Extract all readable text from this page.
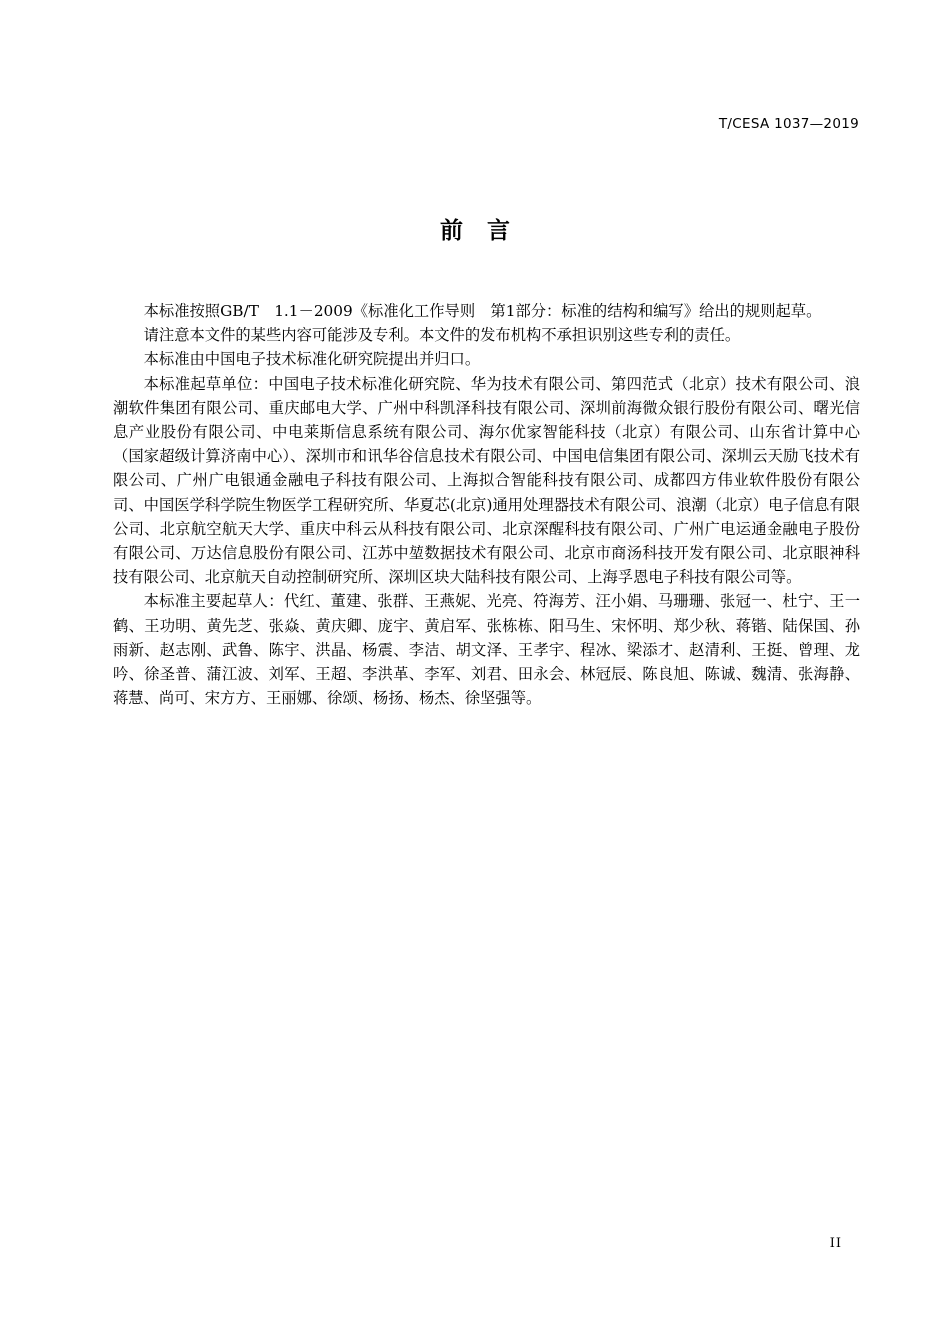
T/CESA 1037—2019
前言

本标准按照GB/T　1.1－2009《标准化工作导则　第1部分：标准的结构和编写》给出的规则起草。

请注意本文件的某些内容可能涉及专利。本文件的发布机构不承担识别这些专利的责任。

本标准由中国电子技术标准化研究院提出并归口。

本标准起草单位：中国电子技术标准化研究院、华为技术有限公司、第四范式（北京）技术有限公司、浪潮软件集团有限公司、重庆邮电大学、广州中科凯泽科技有限公司、深圳前海微众银行股份有限公司、曙光信息产业股份有限公司、中电莱斯信息系统有限公司、海尔优家智能科技（北京）有限公司、山东省计算中心（国家超级计算济南中心）、深圳市和讯华谷信息技术有限公司、中国电信集团有限公司、深圳云天励飞技术有限公司、广州广电银通金融电子科技有限公司、上海拟合智能科技有限公司、成都四方伟业软件股份有限公司、中国医学科学院生物医学工程研究所、华夏芯(北京)通用处理器技术有限公司、浪潮（北京）电子信息有限公司、北京航空航天大学、重庆中科云从科技有限公司、北京深醒科技有限公司、广州广电运通金融电子股份有限公司、万达信息股份有限公司、江苏中堃数据技术有限公司、北京市商汤科技开发有限公司、北京眼神科技有限公司、北京航天自动控制研究所、深圳区块大陆科技有限公司、上海孚恩电子科技有限公司等。

本标准主要起草人：代红、董建、张群、王燕妮、光亮、符海芳、汪小娟、马珊珊、张冠一、杜宁、王一鹤、王功明、黄先芝、张焱、黄庆卿、庞宇、黄启军、张栋栋、阳马生、宋怀明、郑少秋、蒋锴、陆保国、孙雨新、赵志刚、武鲁、陈宇、洪晶、杨震、李洁、胡文泽、王孝宇、程冰、梁添才、赵清利、王挺、曾理、龙吟、徐圣普、蒲江波、刘军、王超、李洪革、李军、刘君、田永会、林冠辰、陈良旭、陈诚、魏清、张海静、蒋慧、尚可、宋方方、王丽娜、徐颂、杨扬、杨杰、徐坚强等。

II
